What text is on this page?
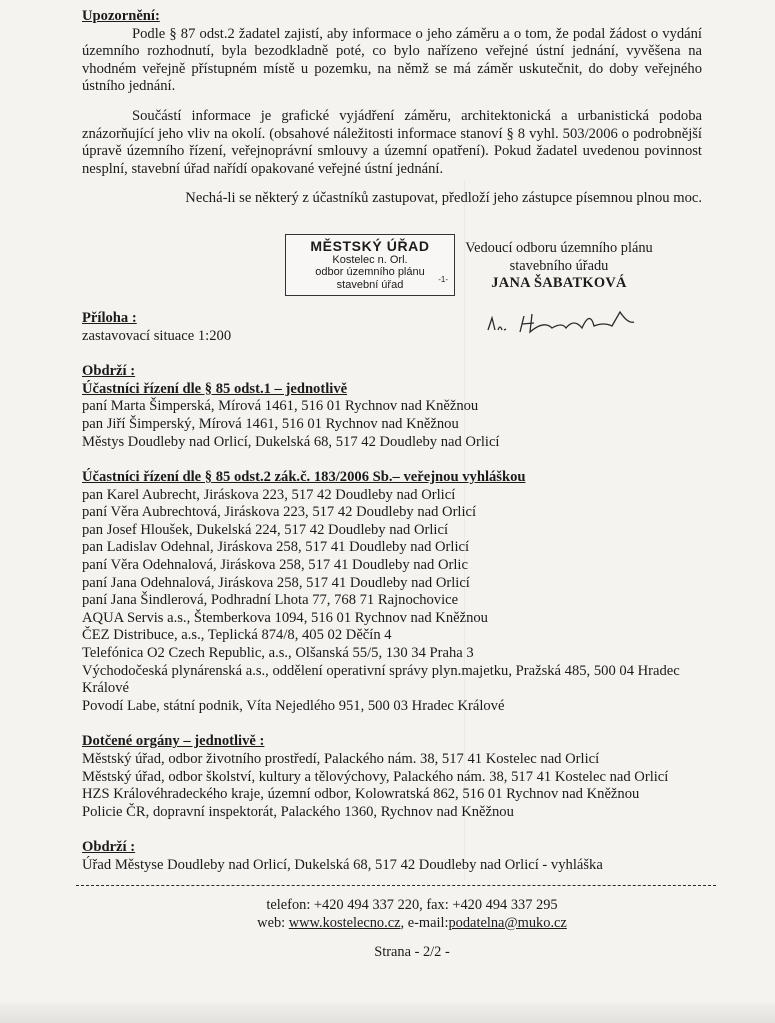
Upozornění:

Podle § 87 odst.2 žadatel zajistí, aby informace o jeho záměru a o tom, že podal žádost o vydání územního rozhodnutí, byla bezodkladně poté, co bylo nařízeno veřejné ústní jednání, vyvěšena na vhodném veřejně přístupném místě u pozemku, na němž se má záměr uskutečnit, do doby veřejného ústního jednání.

Součástí informace je grafické vyjádření záměru, architektonická a urbanistická podoba znázorňující jeho vliv na okolí. (obsahové náležitosti informace stanoví § 8 vyhl. 503/2006 o podrobnější úpravě územního řízení, veřejnoprávní smlouvy a územní opatření). Pokud žadatel uvedenou povinnost nesplní, stavební úřad nařídí opakované veřejné ústní jednání.

Nechá-li se některý z účastníků zastupovat, předloží jeho zástupce písemnou plnou moc.

MĚSTSKÝ ÚŘAD
Kostelec n. Orl.
odbor územního plánu
stavební úřad	-1-
Vedoucí odboru územního plánu
stavebního úřadu
JANA ŠABATKOVÁ

Příloha :

zastavovací situace 1:200

Obdrží :

Účastníci řízení dle § 85 odst.1 – jednotlivě

paní Marta Šimperská, Mírová 1461, 516 01 Rychnov nad Kněžnou

pan Jiří Šimperský, Mírová 1461, 516 01 Rychnov nad Kněžnou

Městys Doudleby nad Orlicí, Dukelská 68, 517 42 Doudleby nad Orlicí

Účastníci řízení dle § 85 odst.2 zák.č. 183/2006 Sb.– veřejnou vyhláškou

pan Karel Aubrecht, Jiráskova 223, 517 42 Doudleby nad Orlicí

paní Věra Aubrechtová, Jiráskova 223, 517 42 Doudleby nad Orlicí

pan Josef Hloušek, Dukelská 224, 517 42 Doudleby nad Orlicí

pan Ladislav Odehnal, Jiráskova 258, 517 41 Doudleby nad Orlicí

paní Věra Odehnalová, Jiráskova 258, 517 41 Doudleby nad Orlic

paní Jana Odehnalová, Jiráskova 258, 517 41 Doudleby nad Orlicí

paní Jana Šindlerová, Podhradní Lhota 77, 768 71 Rajnochovice

AQUA Servis a.s., Štemberkova 1094, 516 01 Rychnov nad Kněžnou

ČEZ Distribuce, a.s., Teplická 874/8, 405 02 Děčín 4

Telefónica O2 Czech Republic, a.s., Olšanská 55/5, 130 34 Praha 3

Východočeská plynárenská a.s., oddělení operativní správy plyn.majetku, Pražská 485, 500 04 Hradec Králové

Povodí Labe, státní podnik, Víta Nejedlého 951, 500 03 Hradec Králové

Dotčené orgány – jednotlivě :

Městský úřad, odbor životního prostředí, Palackého nám. 38, 517 41 Kostelec nad Orlicí

Městský úřad, odbor školství, kultury a tělovýchovy, Palackého nám. 38, 517 41 Kostelec nad Orlicí

HZS Královéhradeckého kraje, územní odbor, Kolowratská 862, 516 01 Rychnov nad Kněžnou

Policie ČR, dopravní inspektorát, Palackého 1360, Rychnov nad Kněžnou

Obdrží :

Úřad Městyse Doudleby nad Orlicí, Dukelská 68, 517 42 Doudleby nad Orlicí - vyhláška

telefon: +420 494 337 220, fax: +420 494 337 295
web: www.kostelecno.cz, e-mail:podatelna@muko.cz
Strana - 2/2 -
